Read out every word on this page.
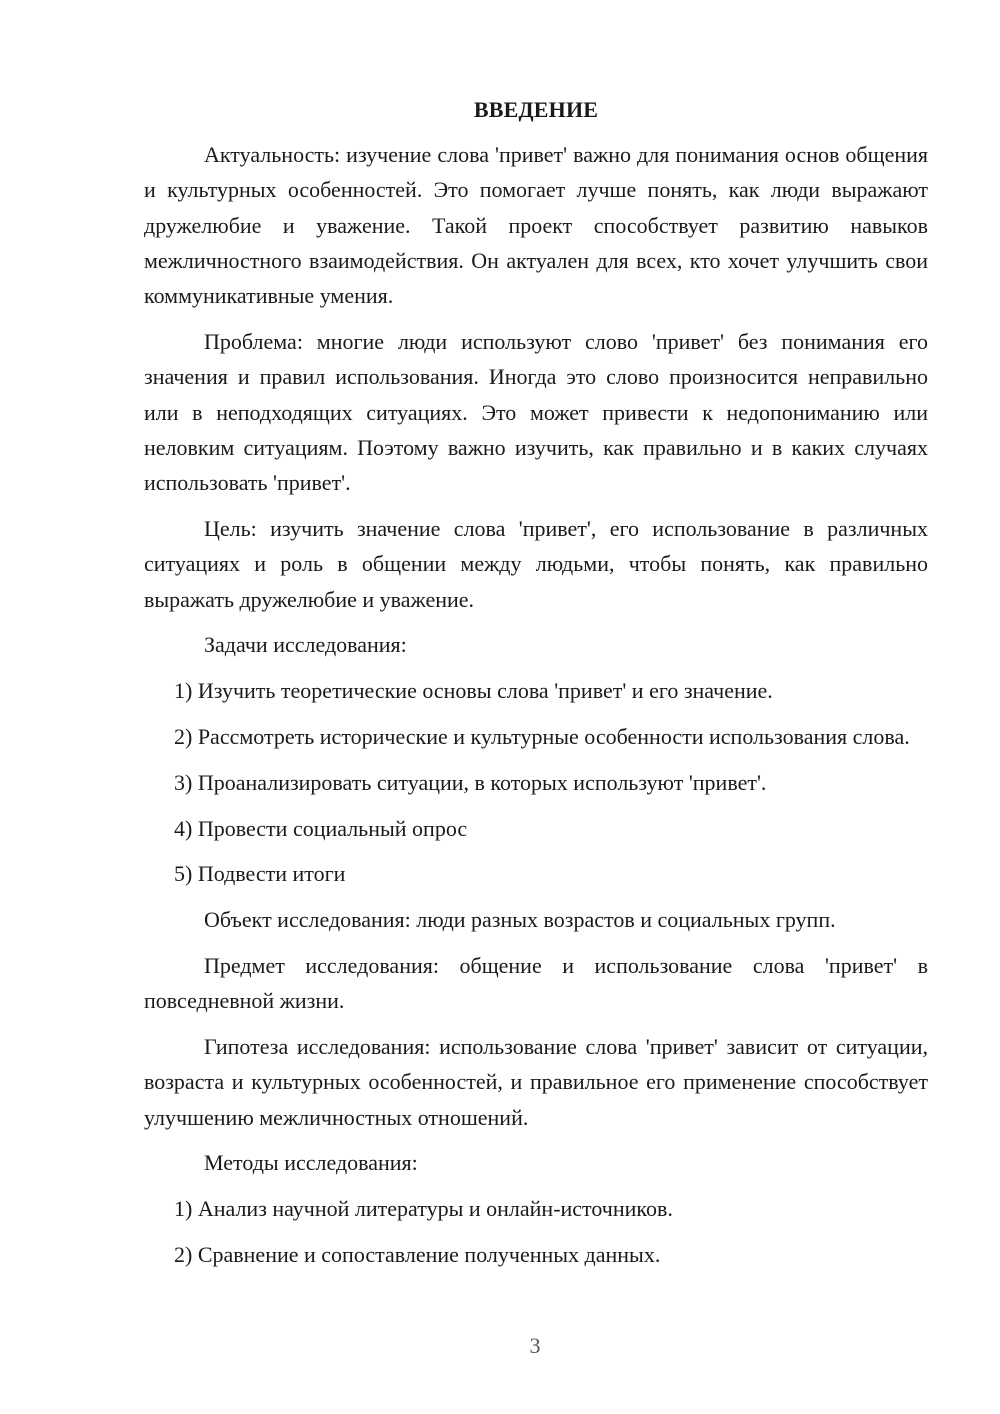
ВВЕДЕНИЕ

Актуальность: изучение слова 'привет' важно для понимания основ общения и культурных особенностей. Это помогает лучше понять, как люди выражают дружелюбие и уважение. Такой проект способствует развитию навыков межличностного взаимодействия. Он актуален для всех, кто хочет улучшить свои коммуникативные умения.

Проблема: многие люди используют слово 'привет' без понимания его значения и правил использования. Иногда это слово произносится неправильно или в неподходящих ситуациях. Это может привести к недопониманию или неловким ситуациям. Поэтому важно изучить, как правильно и в каких случаях использовать 'привет'.

Цель: изучить значение слова 'привет', его использование в различных ситуациях и роль в общении между людьми, чтобы понять, как правильно выражать дружелюбие и уважение.

Задачи исследования:

1) Изучить теоретические основы слова 'привет' и его значение.

2) Рассмотреть исторические и культурные особенности использования слова.

3) Проанализировать ситуации, в которых используют 'привет'.

4) Провести социальный опрос

5) Подвести итоги

Объект исследования: люди разных возрастов и социальных групп.

Предмет исследования: общение и использование слова 'привет' в повседневной жизни.

Гипотеза исследования: использование слова 'привет' зависит от ситуации, возраста и культурных особенностей, и правильное его применение способствует улучшению межличностных отношений.

Методы исследования:

1) Анализ научной литературы и онлайн-источников.

2) Сравнение и сопоставление полученных данных.

3
